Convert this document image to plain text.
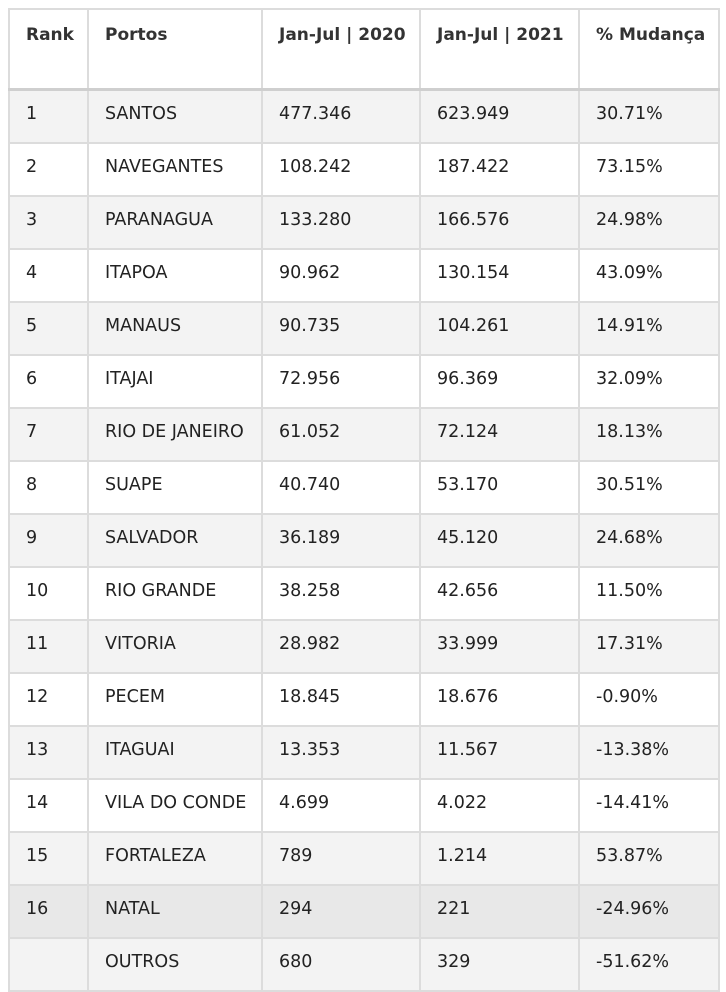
Rank	Portos	Jan-Jul | 2020	Jan-Jul | 2021	% Mudança
1	SANTOS	477.346	623.949	30.71%
2	NAVEGANTES	108.242	187.422	73.15%
3	PARANAGUA	133.280	166.576	24.98%
4	ITAPOA	90.962	130.154	43.09%
5	MANAUS	90.735	104.261	14.91%
6	ITAJAI	72.956	96.369	32.09%
7	RIO DE JANEIRO	61.052	72.124	18.13%
8	SUAPE	40.740	53.170	30.51%
9	SALVADOR	36.189	45.120	24.68%
10	RIO GRANDE	38.258	42.656	11.50%
11	VITORIA	28.982	33.999	17.31%
12	PECEM	18.845	18.676	-0.90%
13	ITAGUAI	13.353	11.567	-13.38%
14	VILA DO CONDE	4.699	4.022	-14.41%
15	FORTALEZA	789	1.214	53.87%
16	NATAL	294	221	-24.96%
	OUTROS	680	329	-51.62%
